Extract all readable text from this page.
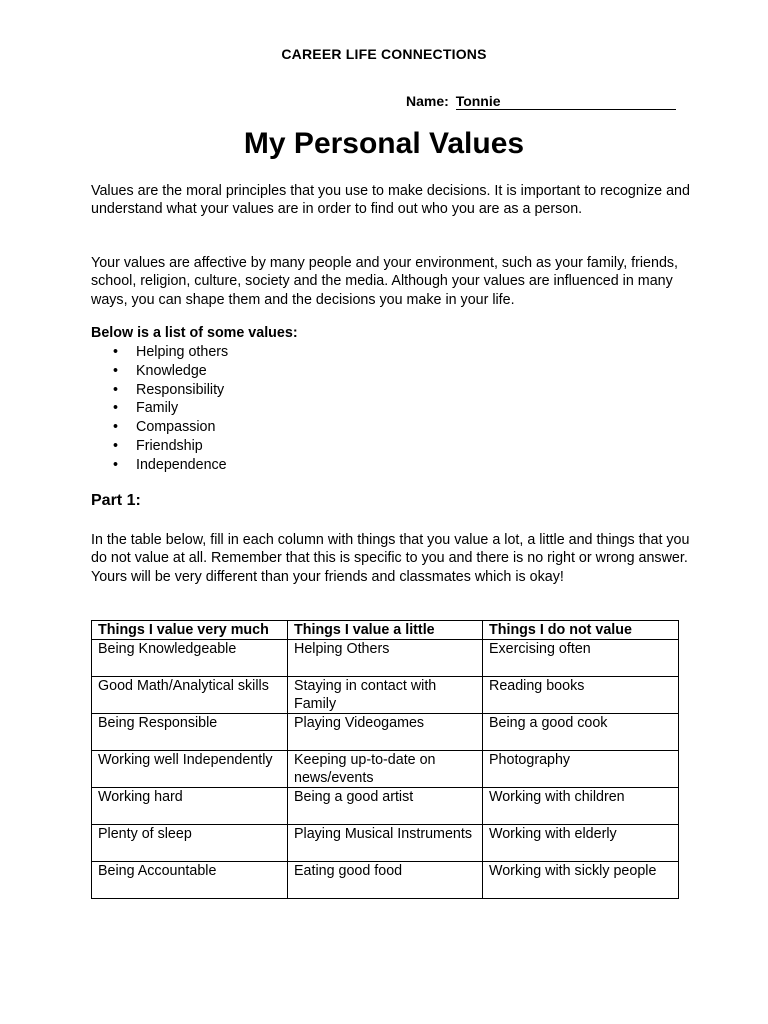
CAREER LIFE CONNECTIONS
Name: Tonnie
My Personal Values

Values are the moral principles that you use to make decisions. It is important to recognize and understand what your values are in order to find out who you are as a person.

Your values are affective by many people and your environment, such as your family, friends, school, religion, culture, society and the media. Although your values are influenced in many ways, you can shape them and the decisions you make in your life.

Below is a list of some values:
• Helping others
• Knowledge
• Responsibility
• Family
• Compassion
• Friendship
• Independence
Part 1:

In the table below, fill in each column with things that you value a lot, a little and things that you do not value at all. Remember that this is specific to you and there is no right or wrong answer. Yours will be very different than your friends and classmates which is okay!

Things I value very much	Things I value a little	Things I do not value
Being Knowledgeable	Helping Others	Exercising often
Good Math/Analytical skills	Staying in contact with Family	Reading books
Being Responsible	Playing Videogames	Being a good cook
Working well Independently	Keeping up-to-date on news/events	Photography
Working hard	Being a good artist	Working with children
Plenty of sleep	Playing Musical Instruments	Working with elderly
Being Accountable	Eating good food	Working with sickly people
